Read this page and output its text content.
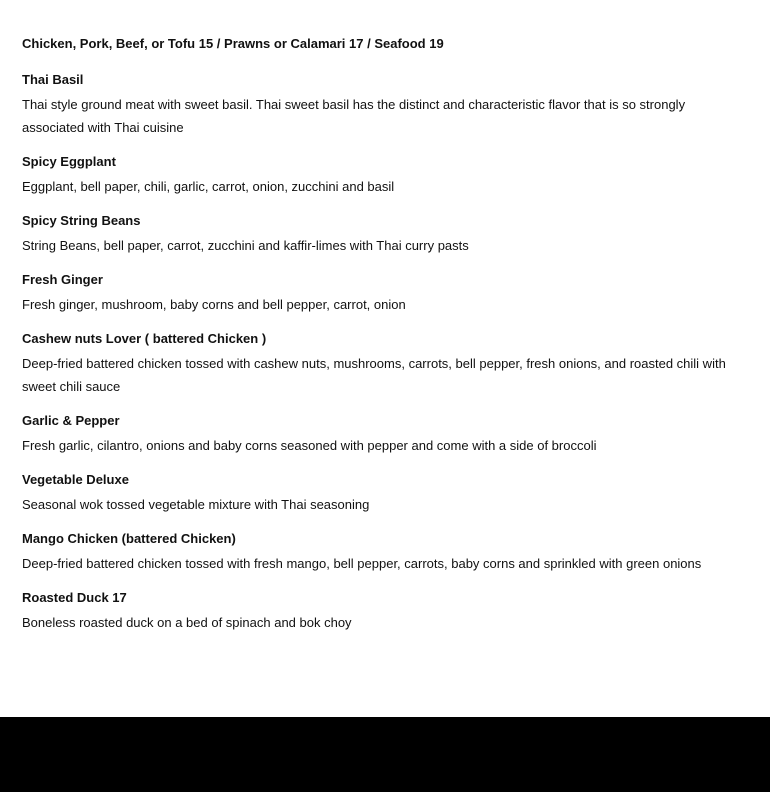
Chicken, Pork, Beef, or Tofu 15 / Prawns or Calamari 17 / Seafood 19

Thai Basil

Thai style ground meat with sweet basil. Thai sweet basil has the distinct and characteristic flavor that is so strongly associated with Thai cuisine

Spicy Eggplant

Eggplant, bell paper, chili, garlic, carrot, onion, zucchini and basil

Spicy String Beans

String Beans, bell paper, carrot, zucchini and kaffir-limes with Thai curry pasts

Fresh Ginger

Fresh ginger, mushroom, baby corns and bell pepper, carrot, onion

Cashew nuts Lover ( battered Chicken )

Deep-fried battered chicken tossed with cashew nuts, mushrooms, carrots, bell pepper, fresh onions, and roasted chili with sweet chili sauce

Garlic & Pepper

Fresh garlic, cilantro, onions and baby corns seasoned with pepper and come with a side of broccoli

Vegetable Deluxe

Seasonal wok tossed vegetable mixture with Thai seasoning

Mango Chicken (battered Chicken)

Deep-fried battered chicken tossed with fresh mango, bell pepper, carrots, baby corns and sprinkled with green onions

Roasted Duck 17

Boneless roasted duck on a bed of spinach and bok choy
